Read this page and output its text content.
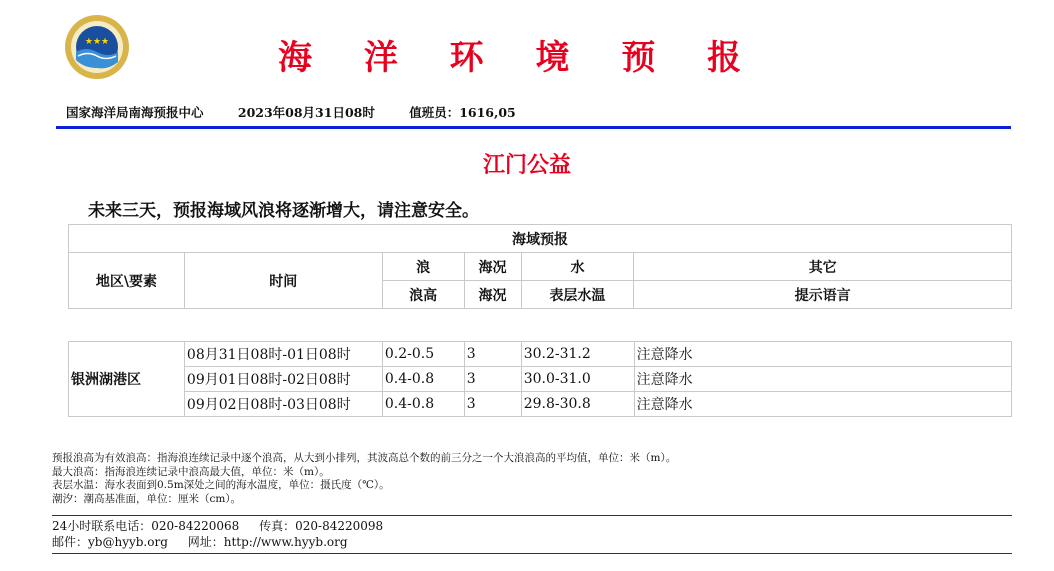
★★★	海 洋 环 境 预 报
国家海洋局南海预报中心	2023年08月31日08时	值班员：1616,05
江门公益
未来三天，预报海域风浪将逐渐增大，请注意安全。
海域预报					
地区\要素	时间	浪	海况	水	其它
		浪高	海况	表层水温	提示语言
银洲湖港区	08月31日08时-01日08时	0.2-0.5	3	30.2-31.2	注意降水
	09月01日08时-02日08时	0.4-0.8	3	30.0-31.0	注意降水
	09月02日08时-03日08时	0.4-0.8	3	29.8-30.8	注意降水
预报浪高为有效浪高：指海浪连续记录中逐个浪高，从大到小排列，其波高总个数的前三分之一个大浪浪高的平均值，单位：米（m）。
最大浪高：指海浪连续记录中浪高最大值，单位：米（m）。
表层水温：海水表面到0.5m深处之间的海水温度，单位：摄氏度（℃）。
潮汐：潮高基准面，单位：厘米（cm）。
24小时联系电话：020-84220068 传真：020-84220098
邮件：yb@hyyb.org 网址：http://www.hyyb.org
